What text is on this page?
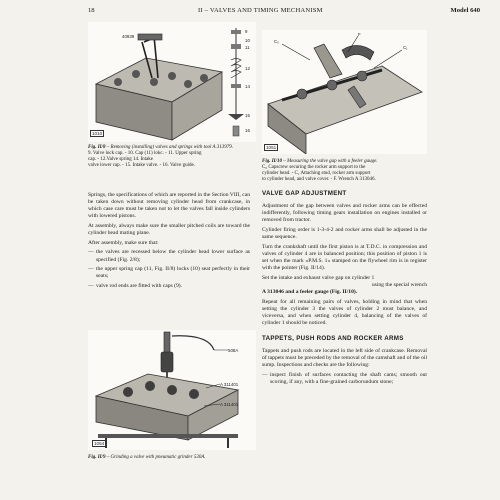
18	II – VALVES AND TIMING MECHANISM	Model 640
40939
9
10
11
12
14
15
16
1010
Fig. II/8 – Removing (installing) valves and springs with tool A 313979.
9. Valve lock cap. - 10. Cap (11) lokc. - 11. Upper spring
cap. - 12.Valve spring 14. Intake
valve lower cap. - 15. Intake valve. - 16. Valve guide.
C₀
F
C₁
1051
Fig. II/10 – Measuring the valve gap with a feeler gauge.
C₀ Capscrew securing the rocker arm support to the
cylinder head. - C₁ Attaching stud, rocker arm support
to cylinder head, and valve cover. - F. Wrench A 313046.

Springs, the specifications of which are reported in the Section VIII, can be taken down without removing cylinder head from crankcase, in which case care must be taken not to let the valves fall inside cylinders with lowered pistons.

At assembly, always make sure the smaller pitched coils are toward the cylinder head mating plane.

After assembly, make sure that:

— the valves are recessed below the cylinder head lower surface as specified (Fig. 2/8);
— the upper spring cap (11, Fig. II/8) locks (10) seat perfectly in their seats;
— valve rod ends are fitted with caps (9).
508A
A 311401
A 311401
1064
Fig. II/9 – Grinding a valve with pneumatic grinder 530A.
VALVE GAP ADJUSTMENT

Adjustment of the gap between valves and rocker arms can be effected indifferently, following timing gears installation on engines installed or removed from tractor.

Cylinder firing order is 1-3-4-2 and rocker arms shall be adjusted in the same sequence.

Turn the crankshaft until the first piston is at T.D.C. in compression and valves of cylinder 4 are in balanced position; this position of piston 1 is set when the mark «P.M.S. 1» stamped on the flywheel rim is in register with the pointer (Fig. II/14).

Set the intake and exhaust valve gap on cylinder 1

using the special wrench

A 313046 and a feeler gauge (Fig. II/10).

Repeat for all remaining pairs of valves, holding in mind that when setting the cylinder 3 the valves of cylinder 2 must balance, and viceversa, and when setting cylinder 4, balancing of the valves of cylinder 1 should be noticed.

TAPPETS, PUSH RODS AND ROCKER ARMS

Tappets and push rods are located in the left side of crankcase. Removal of tappets must be preceded by the removal of the camshaft and of the oil sump. Inspections and checks are the following:

— inspect finish of surfaces contacting the shaft cams; smooth out scoring, if any, with a fine-grained carborundum stone;
